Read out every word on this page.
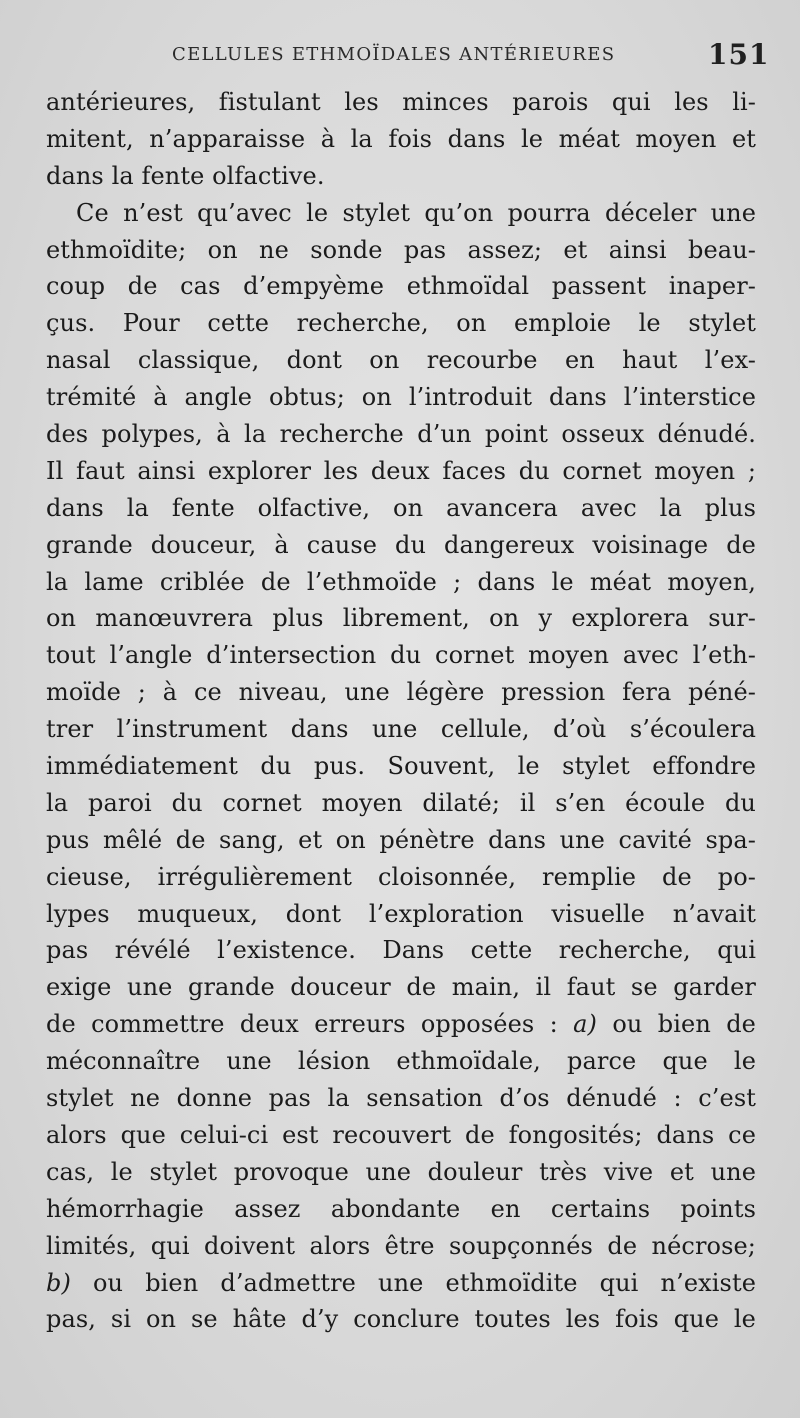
CELLULES ETHMOÏDALES ANTÉRIEURES	151
antérieures, fistulant les minces parois qui les li-
mitent, n’apparaisse à la fois dans le méat moyen et
dans la fente olfactive.
Ce n’est qu’avec le stylet qu’on pourra déceler une
ethmoïdite; on ne sonde pas assez; et ainsi beau-
coup de cas d’empyème ethmoïdal passent inaper-
çus. Pour cette recherche, on emploie le stylet
nasal classique, dont on recourbe en haut l’ex-
trémité à angle obtus; on l’introduit dans l’interstice
des polypes, à la recherche d’un point osseux dénudé.
Il faut ainsi explorer les deux faces du cornet moyen ;
dans la fente olfactive, on avancera avec la plus
grande douceur, à cause du dangereux voisinage de
la lame criblée de l’ethmoïde ; dans le méat moyen,
on manœuvrera plus librement, on y explorera sur-
tout l’angle d’intersection du cornet moyen avec l’eth-
moïde ; à ce niveau, une légère pression fera péné-
trer l’instrument dans une cellule, d’où s’écoulera
immédiatement du pus. Souvent, le stylet effondre
la paroi du cornet moyen dilaté; il s’en écoule du
pus mêlé de sang, et on pénètre dans une cavité spa-
cieuse, irrégulièrement cloisonnée, remplie de po-
lypes muqueux, dont l’exploration visuelle n’avait
pas révélé l’existence. Dans cette recherche, qui
exige une grande douceur de main, il faut se garder
de commettre deux erreurs opposées : a) ou bien de
méconnaître une lésion ethmoïdale, parce que le
stylet ne donne pas la sensation d’os dénudé : c’est
alors que celui-ci est recouvert de fongosités; dans ce
cas, le stylet provoque une douleur très vive et une
hémorrhagie assez abondante en certains points
limités, qui doivent alors être soupçonnés de nécrose;
b) ou bien d’admettre une ethmoïdite qui n’existe
pas, si on se hâte d’y conclure toutes les fois que le
